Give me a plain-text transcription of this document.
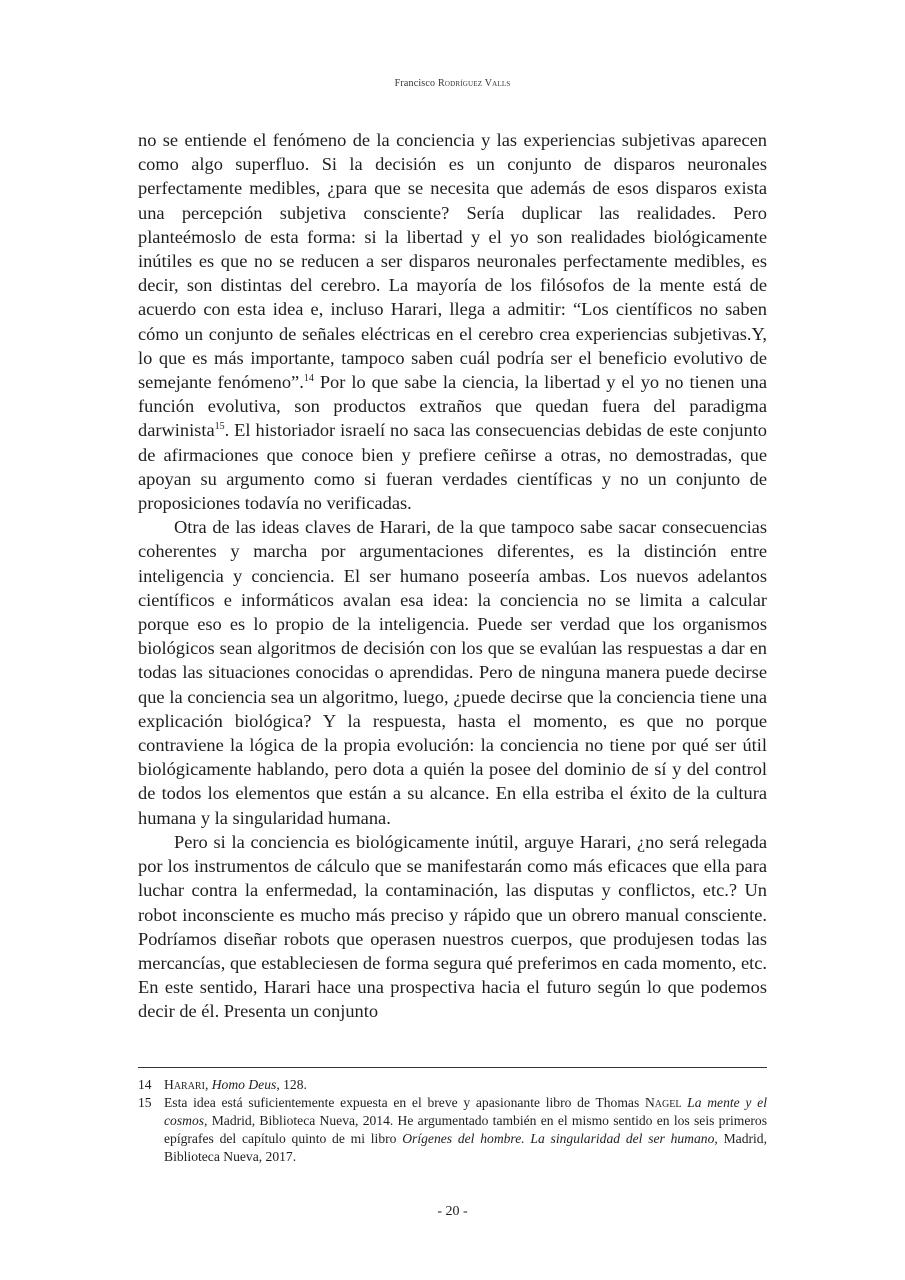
Francisco Rodríguez Valls

no se entiende el fenómeno de la conciencia y las experiencias subjetivas aparecen como algo superfluo. Si la decisión es un conjunto de disparos neuronales perfectamente medibles, ¿para que se necesita que además de esos disparos exista una percepción subjetiva consciente? Sería duplicar las realidades. Pero planteémoslo de esta forma: si la libertad y el yo son realidades biológicamente inútiles es que no se reducen a ser disparos neuronales perfectamente medibles, es decir, son distintas del cerebro. La mayoría de los filósofos de la mente está de acuerdo con esta idea e, incluso Harari, llega a admitir: “Los científicos no saben cómo un conjunto de señales eléctricas en el cerebro crea experiencias subjetivas.Y, lo que es más importante, tampoco saben cuál podría ser el beneficio evolutivo de semejante fenómeno”.$^{14}$ Por lo que sabe la ciencia, la libertad y el yo no tienen una función evolutiva, son productos extraños que quedan fuera del paradigma darwinista$^{15}$. El historiador israelí no saca las consecuencias debidas de este conjunto de afirmaciones que conoce bien y prefiere ceñirse a otras, no demostradas, que apoyan su argumento como si fueran verdades científicas y no un conjunto de proposiciones todavía no verificadas.

Otra de las ideas claves de Harari, de la que tampoco sabe sacar consecuencias coherentes y marcha por argumentaciones diferentes, es la distinción entre inteligencia y conciencia. El ser humano poseería ambas. Los nuevos adelantos científicos e informáticos avalan esa idea: la conciencia no se limita a calcular porque eso es lo propio de la inteligencia. Puede ser verdad que los organismos biológicos sean algoritmos de decisión con los que se evalúan las respuestas a dar en todas las situaciones conocidas o aprendidas. Pero de ninguna manera puede decirse que la conciencia sea un algoritmo, luego, ¿puede decirse que la conciencia tiene una explicación biológica? Y la respuesta, hasta el momento, es que no porque contraviene la lógica de la propia evolución: la conciencia no tiene por qué ser útil biológicamente hablando, pero dota a quién la posee del dominio de sí y del control de todos los elementos que están a su alcance. En ella estriba el éxito de la cultura humana y la singularidad humana.

Pero si la conciencia es biológicamente inútil, arguye Harari, ¿no será relegada por los instrumentos de cálculo que se manifestarán como más eficaces que ella para luchar contra la enfermedad, la contaminación, las disputas y conflictos, etc.? Un robot inconsciente es mucho más preciso y rápido que un obrero manual consciente. Podríamos diseñar robots que operasen nuestros cuerpos, que produjesen todas las mercancías, que estableciesen de forma segura qué preferimos en cada momento, etc. En este sentido, Harari hace una prospectiva hacia el futuro según lo que podemos decir de él. Presenta un conjunto

14 Harari, Homo Deus, 128.
15 Esta idea está suficientemente expuesta en el breve y apasionante libro de Thomas Nagel La mente y el cosmos, Madrid, Biblioteca Nueva, 2014. He argumentado también en el mismo sentido en los seis primeros epígrafes del capítulo quinto de mi libro Orígenes del hombre. La singularidad del ser humano, Madrid, Biblioteca Nueva, 2017.
- 20 -
